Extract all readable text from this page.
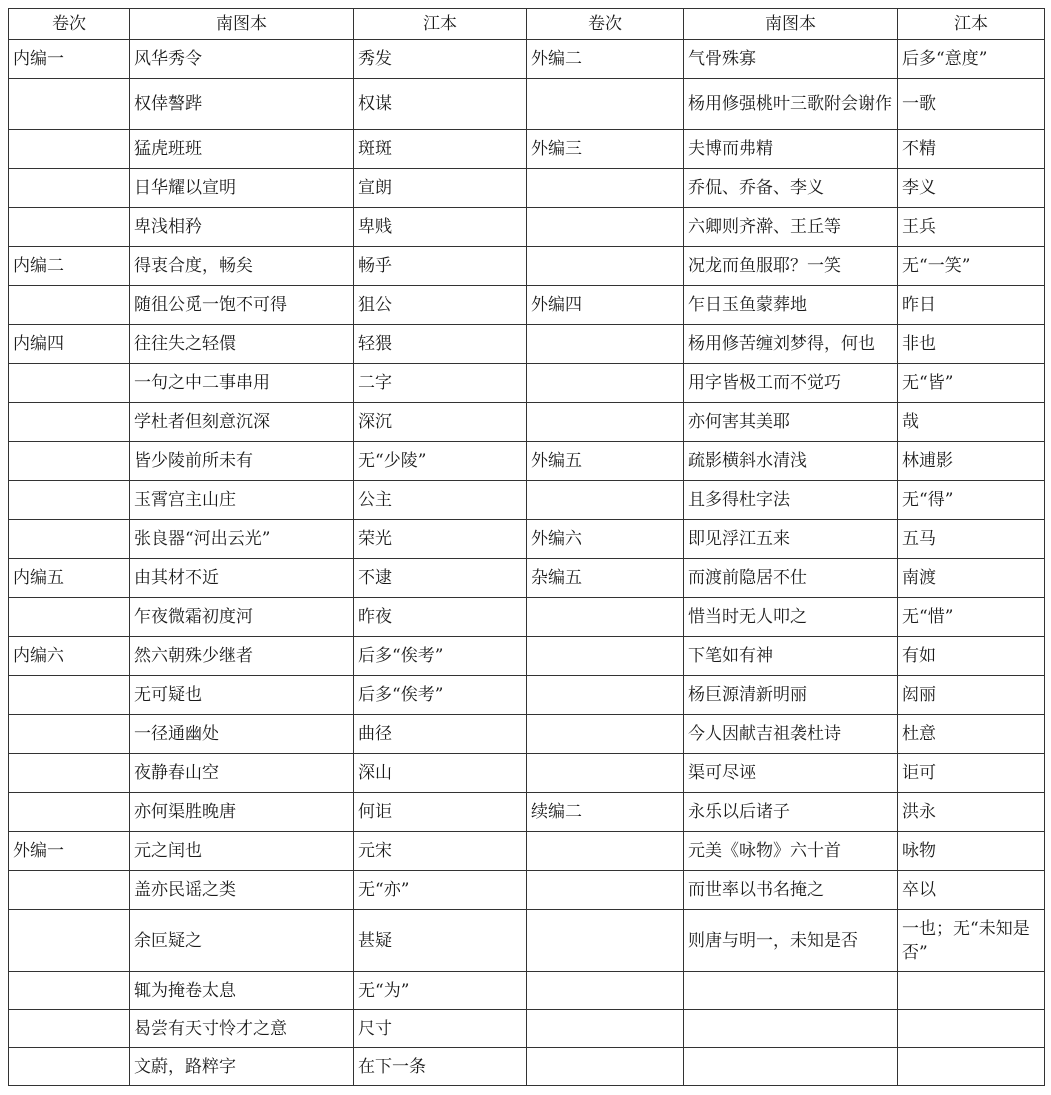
卷次	南图本	江本	卷次	南图本	江本
内编一	风华秀令	秀发	外编二	气骨殊寡	后多“意度”
	权倖謷跸	权谋		杨用修强桃叶三歌附会谢作	一歌
	猛虎班班	斑斑	外编三	夫博而弗精	不精
	日华耀以宣明	宣朗		乔侃、乔备、李义	李义
	卑浅相矜	卑贱		六卿则齐澣、王丘等	王兵
内编二	得衷合度，畅矣	畅乎		况龙而鱼服耶？一笑	无“一笑”
	随徂公觅一饱不可得	狙公	外编四	乍日玉鱼蒙葬地	昨日
内编四	往往失之轻儇	轻猥		杨用修苦缠刘梦得，何也	非也
	一句之中二事串用	二字		用字皆极工而不觉巧	无“皆”
	学杜者但刻意沉深	深沉		亦何害其美耶	哉
	皆少陵前所未有	无“少陵”	外编五	疏影横斜水清浅	林逋影
	玉霄宫主山庄	公主		且多得杜字法	无“得”
	张良器“河出云光”	荣光	外编六	即见浮江五来	五马
内编五	由其材不近	不逮	杂编五	而渡前隐居不仕	南渡
	乍夜微霜初度河	昨夜		惜当时无人叩之	无“惜”
内编六	然六朝殊少继者	后多“俟考”		下笔如有神	有如
	无可疑也	后多“俟考”		杨巨源清新明丽	闳丽
	一径通幽处	曲径		今人因献吉祖袭杜诗	杜意
	夜静春山空	深山		渠可尽诬	讵可
	亦何渠胜晚唐	何讵	续编二	永乐以后诸子	洪永
外编一	元之闰也	元宋		元美《咏物》六十首	咏物
	盖亦民谣之类	无“亦”		而世率以书名掩之	卒以
	余叵疑之	甚疑		则唐与明一，未知是否	一也；无“未知是否”
	辄为掩卷太息	无“为”			
	曷尝有天寸怜才之意	尺寸			
	文蔚，路粹字	在下一条			
